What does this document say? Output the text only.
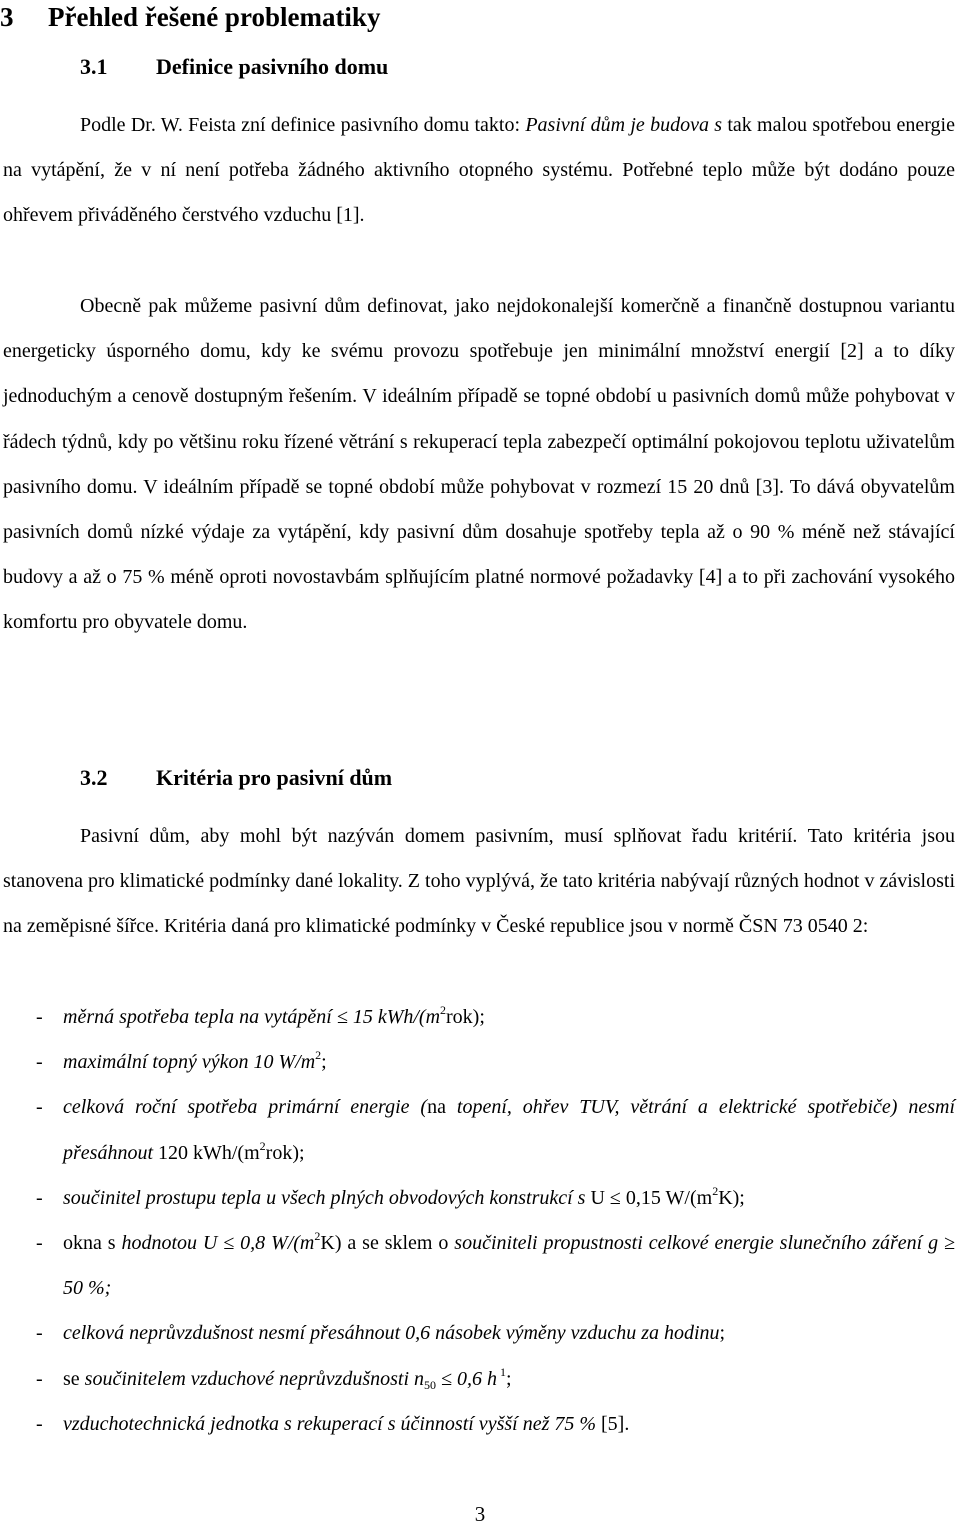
3 Přehled řešené problematiky
3.1 Definice pasivního domu
Podle Dr. W. Feista zní definice pasivního domu takto: Pasivní dům je budova s tak malou spotřebou energie na vytápění, že v ní není potřeba žádného aktivního otopného systému. Potřebné teplo může být dodáno pouze ohřevem přiváděného čerstvého vzduchu [1].
Obecně pak můžeme pasivní dům definovat, jako nejdokonalejší komerčně a finančně dostupnou variantu energeticky úsporného domu, kdy ke svému provozu spotřebuje jen minimální množství energií [2] a to díky jednoduchým a cenově dostupným řešením. V ideálním případě se topné období u pasivních domů může pohybovat v řádech týdnů, kdy po většinu roku řízené větrání s rekuperací tepla zabezpečí optimální pokojovou teplotu uživatelům pasivního domu. V ideálním případě se topné období může pohybovat v rozmezí 15 20 dnů [3]. To dává obyvatelům pasivních domů nízké výdaje za vytápění, kdy pasivní dům dosahuje spotřeby tepla až o 90 % méně než stávající budovy a až o 75 % méně oproti novostavbám splňujícím platné normové požadavky [4] a to při zachování vysokého komfortu pro obyvatele domu.
3.2 Kritéria pro pasivní dům
Pasivní dům, aby mohl být nazýván domem pasivním, musí splňovat řadu kritérií. Tato kritéria jsou stanovena pro klimatické podmínky dané lokality. Z toho vyplývá, že tato kritéria nabývají různých hodnot v závislosti na zeměpisné šířce. Kritéria daná pro klimatické podmínky v České republice jsou v normě ČSN 73 0540 2:
- měrná spotřeba tepla na vytápění ≤ 15 kWh/$(m^2rok)$;
- maximální topný výkon 10 $W/m^2$;
- celková roční spotřeba primární energie (na topení, ohřev TUV, větrání a elektrické spotřebiče) nesmí přesáhnout 120 kWh/$(m^2rok)$;
- součinitel prostupu tepla u všech plných obvodových konstrukcí s U ≤ 0,15 $W/(m^2K)$;
- okna s hodnotou U ≤ 0,8 $W/(m^2K)$ a se sklem o součiniteli propustnosti celkové energie slunečního záření g ≥ 50 %;
- celková neprůvzdušnost nesmí přesáhnout 0,6 násobek výměny vzduchu za hodinu;
- se součinitelem vzduchové neprůvzdušnosti $n_{50} \le 0,6$ h $^1$;
- vzduchotechnická jednotka s rekuperací s účinností vyšší než 75 % [5].
3
